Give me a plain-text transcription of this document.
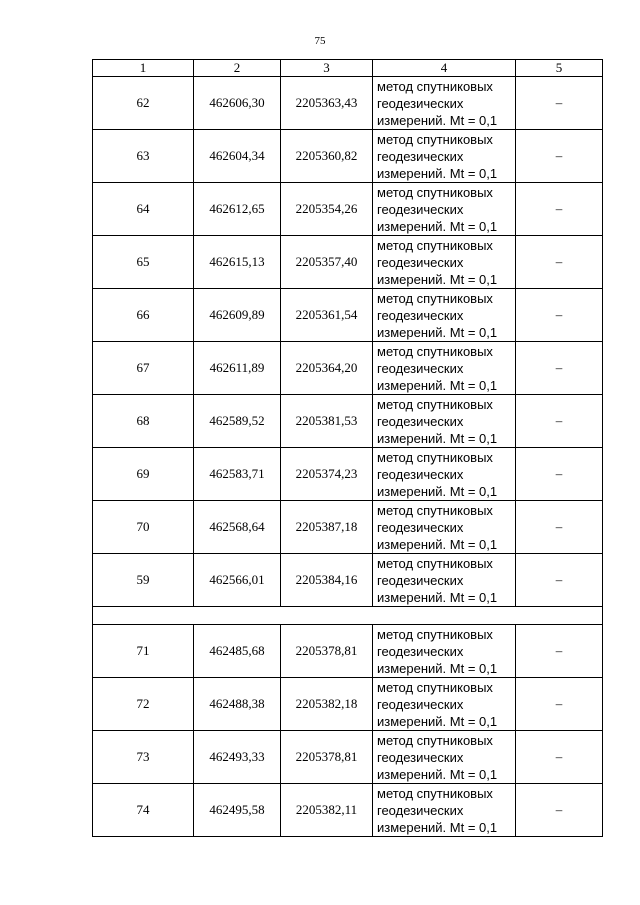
75
1	2	3	4	5
62	462606,30	2205363,43	метод спутниковых
геодезических
измерений. Mt = 0,1	–
63	462604,34	2205360,82	метод спутниковых
геодезических
измерений. Mt = 0,1	–
64	462612,65	2205354,26	метод спутниковых
геодезических
измерений. Mt = 0,1	–
65	462615,13	2205357,40	метод спутниковых
геодезических
измерений. Mt = 0,1	–
66	462609,89	2205361,54	метод спутниковых
геодезических
измерений. Mt = 0,1	–
67	462611,89	2205364,20	метод спутниковых
геодезических
измерений. Mt = 0,1	–
68	462589,52	2205381,53	метод спутниковых
геодезических
измерений. Mt = 0,1	–
69	462583,71	2205374,23	метод спутниковых
геодезических
измерений. Mt = 0,1	–
70	462568,64	2205387,18	метод спутниковых
геодезических
измерений. Mt = 0,1	–
59	462566,01	2205384,16	метод спутниковых
геодезических
измерений. Mt = 0,1	–

71	462485,68	2205378,81	метод спутниковых
геодезических
измерений. Mt = 0,1	–
72	462488,38	2205382,18	метод спутниковых
геодезических
измерений. Mt = 0,1	–
73	462493,33	2205378,81	метод спутниковых
геодезических
измерений. Mt = 0,1	–
74	462495,58	2205382,11	метод спутниковых
геодезических
измерений. Mt = 0,1	–
